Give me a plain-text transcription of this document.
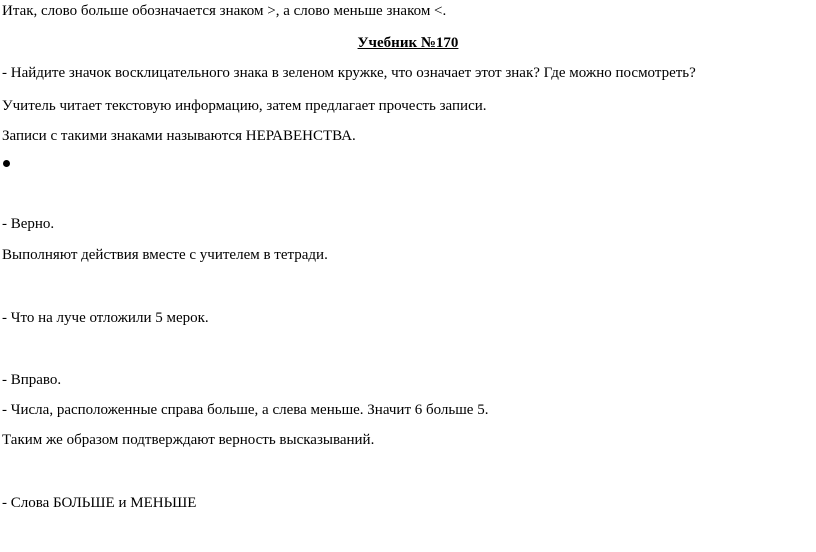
Итак, слово больше обозначается знаком >, а слово меньше знаком <.
Учебник №170
- Найдите значок восклицательного знака в зеленом кружке, что означает этот знак? Где можно посмотреть?
Учитель читает текстовую информацию, затем предлагает прочесть записи.
Записи с такими знаками называются НЕРАВЕНСТВА.
- Верно.
Выполняют действия вместе с учителем в тетради.
- Что на луче отложили 5 мерок.
- Вправо.
- Числа, расположенные справа больше, а слева меньше. Значит 6 больше 5.
Таким же образом подтверждают верность высказываний.
- Слова БОЛЬШЕ и МЕНЬШЕ
